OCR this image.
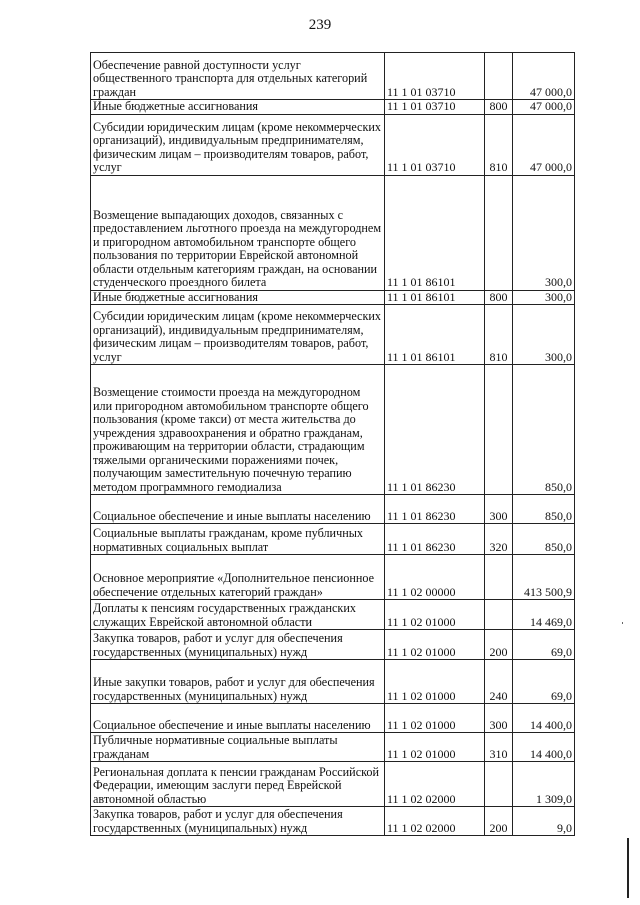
239
Обеспечение равной доступности услуг общественного транспорта для отдельных категорий граждан	11 1 01 03710		47 000,0

Иные бюджетные ассигнования	11 1 01 03710	800	47 000,0

Субсидии юридическим лицам (кроме некоммерческих организаций), индивидуальным предпринимателям, физическим лицам – производителям товаров, работ, услуг	11 1 01 03710	810	47 000,0

Возмещение выпадающих доходов, связанных с предоставлением льготного проезда на междугороднем и пригородном автомобильном транспорте общего пользования по территории Еврейской автономной области отдельным категориям граждан, на основании студенческого проездного билета	11 1 01 86101		300,0

Иные бюджетные ассигнования	11 1 01 86101	800	300,0

Субсидии юридическим лицам (кроме некоммерческих организаций), индивидуальным предпринимателям, физическим лицам – производителям товаров, работ, услуг	11 1 01 86101	810	300,0

Возмещение стоимости проезда на междугородном или пригородном автомобильном транспорте общего пользования (кроме такси) от места жительства до учреждения здравоохранения и обратно гражданам, проживающим на территории области, страдающим тяжелыми органическими поражениями почек, получающим заместительную почечную терапию методом программного гемодиализа	11 1 01 86230		850,0

Социальное обеспечение и иные выплаты населению	11 1 01 86230	300	850,0

Социальные выплаты гражданам, кроме публичных нормативных социальных выплат	11 1 01 86230	320	850,0

Основное мероприятие «Дополнительное пенсионное обеспечение отдельных категорий граждан»	11 1 02 00000		413 500,9

Доплаты к пенсиям государственных гражданских служащих Еврейской автономной области	11 1 02 01000		14 469,0

Закупка товаров, работ и услуг для обеспечения государственных (муниципальных) нужд	11 1 02 01000	200	69,0

Иные закупки товаров, работ и услуг для обеспечения государственных (муниципальных) нужд	11 1 02 01000	240	69,0

Социальное обеспечение и иные выплаты населению	11 1 02 01000	300	14 400,0

Публичные нормативные социальные выплаты гражданам	11 1 02 01000	310	14 400,0

Региональная доплата к пенсии гражданам Российской Федерации, имеющим заслуги перед Еврейской автономной областью	11 1 02 02000		1 309,0

Закупка товаров, работ и услуг для обеспечения государственных (муниципальных) нужд	11 1 02 02000	200	9,0
